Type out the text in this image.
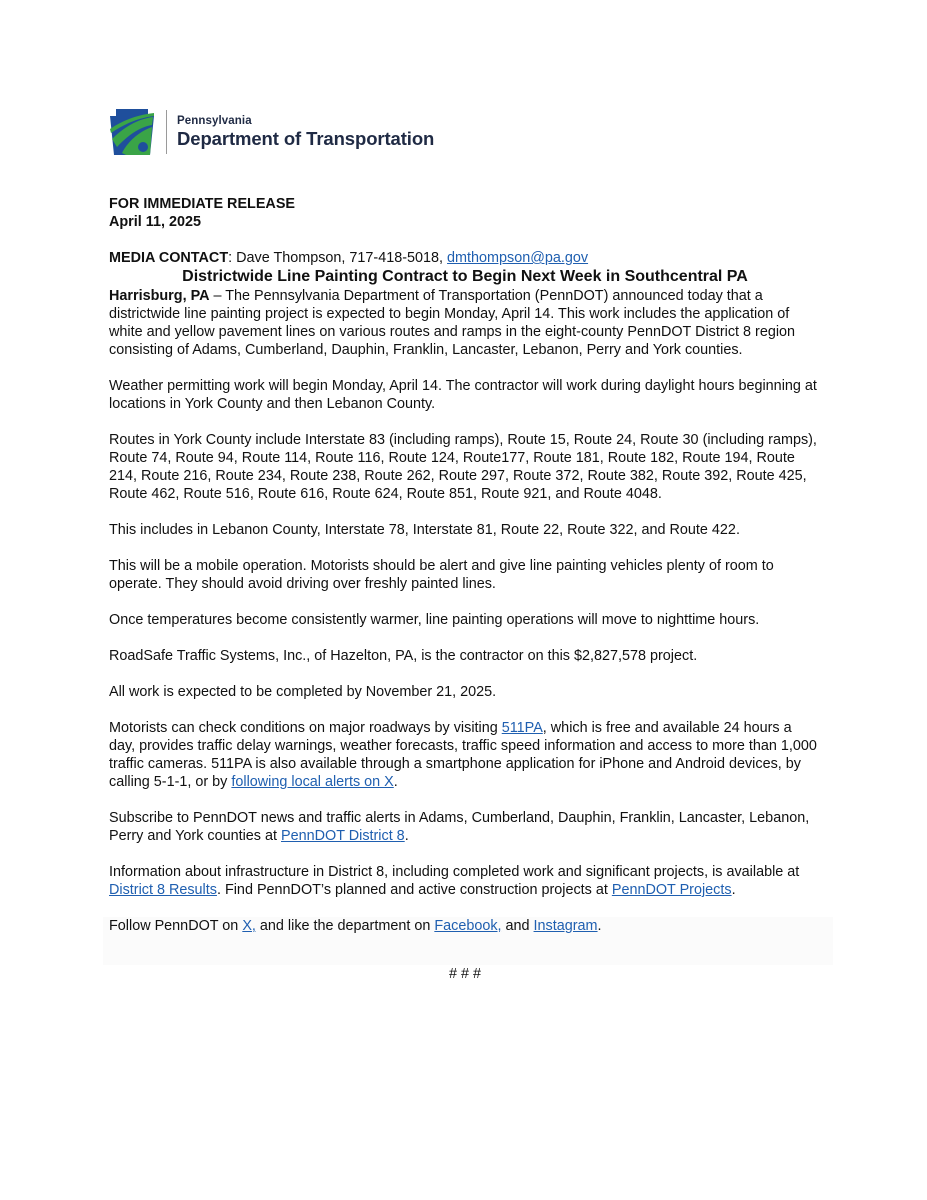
Pennsylvania
Department of Transportation

FOR IMMEDIATE RELEASE

April 11, 2025

MEDIA CONTACT: Dave Thompson, 717-418-5018, dmthompson@pa.gov

Districtwide Line Painting Contract to Begin Next Week in Southcentral PA

Harrisburg, PA – The Pennsylvania Department of Transportation (PennDOT) announced today that a districtwide line painting project is expected to begin Monday, April 14. This work includes the application of white and yellow pavement lines on various routes and ramps in the eight-county PennDOT District 8 region consisting of Adams, Cumberland, Dauphin, Franklin, Lancaster, Lebanon, Perry and York counties.

Weather permitting work will begin Monday, April 14. The contractor will work during daylight hours beginning at locations in York County and then Lebanon County.

Routes in York County include Interstate 83 (including ramps), Route 15, Route 24, Route 30 (including ramps), Route 74, Route 94, Route 114, Route 116, Route 124, Route177, Route 181, Route 182, Route 194, Route 214, Route 216, Route 234, Route 238, Route 262, Route 297, Route 372, Route 382, Route 392, Route 425, Route 462, Route 516, Route 616, Route 624, Route 851, Route 921, and Route 4048.

This includes in Lebanon County, Interstate 78, Interstate 81, Route 22, Route 322, and Route 422.

This will be a mobile operation. Motorists should be alert and give line painting vehicles plenty of room to operate. They should avoid driving over freshly painted lines.

Once temperatures become consistently warmer, line painting operations will move to nighttime hours.

RoadSafe Traffic Systems, Inc., of Hazelton, PA, is the contractor on this $2,827,578 project.

All work is expected to be completed by November 21, 2025.

Motorists can check conditions on major roadways by visiting 511PA, which is free and available 24 hours a day, provides traffic delay warnings, weather forecasts, traffic speed information and access to more than 1,000 traffic cameras. 511PA is also available through a smartphone application for iPhone and Android devices, by calling 5-1-1, or by following local alerts on X.

Subscribe to PennDOT news and traffic alerts in Adams, Cumberland, Dauphin, Franklin, Lancaster, Lebanon, Perry and York counties at PennDOT District 8.

Information about infrastructure in District 8, including completed work and significant projects, is available at District 8 Results. Find PennDOT’s planned and active construction projects at PennDOT Projects.

Follow PennDOT on X, and like the department on Facebook, and Instagram.

# # #
